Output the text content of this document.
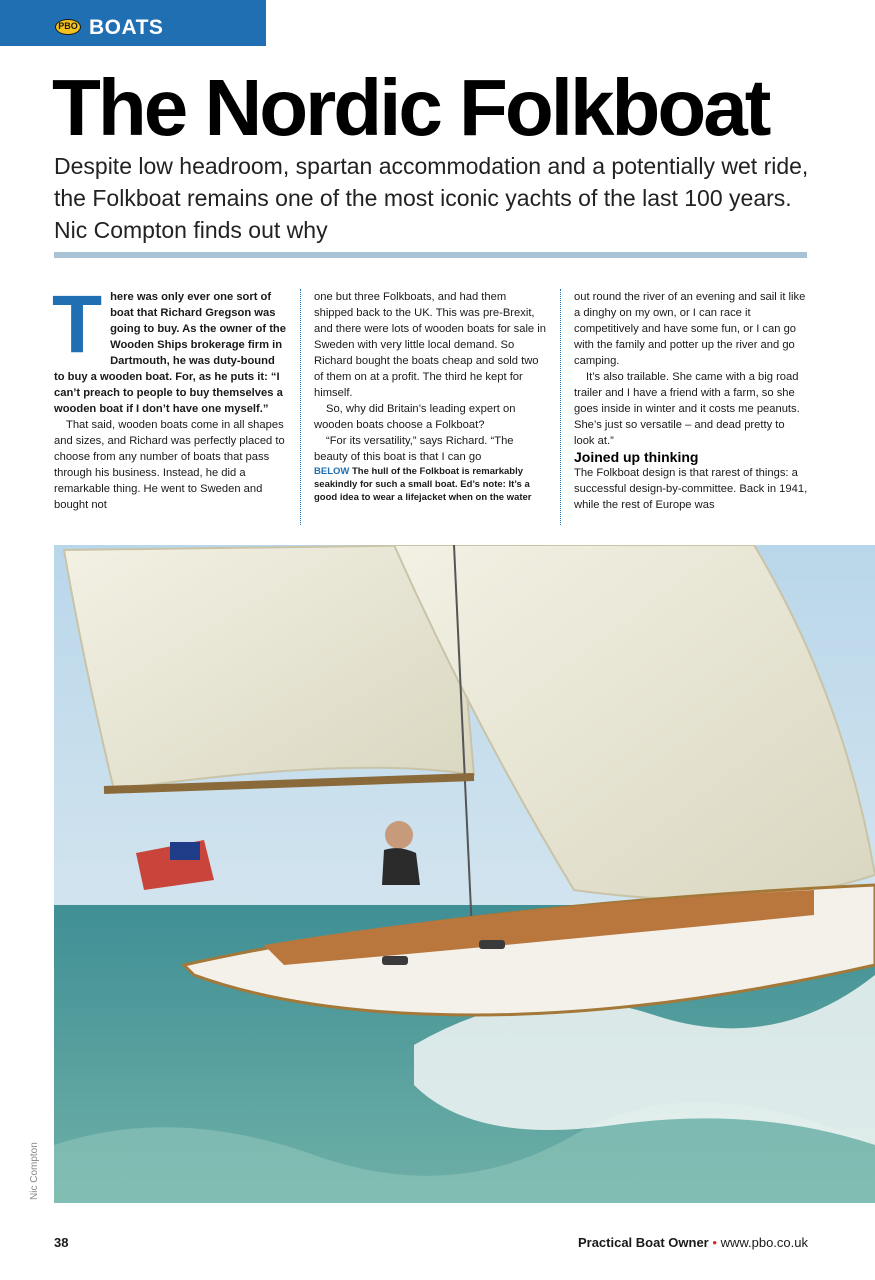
PBO BOATS
The Nordic Folkboat
Despite low headroom, spartan accommodation and a potentially wet ride, the Folkboat remains one of the most iconic yachts of the last 100 years. Nic Compton finds out why

There was only ever one sort of boat that Richard Gregson was going to buy. As the owner of the Wooden Ships brokerage firm in Dartmouth, he was duty-bound to buy a wooden boat. For, as he puts it: “I can’t preach to people to buy themselves a wooden boat if I don’t have one myself.”

That said, wooden boats come in all shapes and sizes, and Richard was perfectly placed to choose from any number of boats that pass through his business. Instead, he did a remarkable thing. He went to Sweden and bought not

one but three Folkboats, and had them shipped back to the UK. This was pre-Brexit, and there were lots of wooden boats for sale in Sweden with very little local demand. So Richard bought the boats cheap and sold two of them on at a profit. The third he kept for himself.

So, why did Britain’s leading expert on wooden boats choose a Folkboat?

“For its versatility,” says Richard. “The beauty of this boat is that I can go

BELOW The hull of the Folkboat is remarkably seakindly for such a small boat. Ed’s note: It’s a good idea to wear a lifejacket when on the water

out round the river of an evening and sail it like a dinghy on my own, or I can race it competitively and have some fun, or I can go with the family and potter up the river and go camping.

It’s also trailable. She came with a big road trailer and I have a friend with a farm, so she goes inside in winter and it costs me peanuts. She’s just so versatile – and dead pretty to look at.”

Joined up thinking

The Folkboat design is that rarest of things: a successful design-by-committee. Back in 1941, while the rest of Europe was

Nic Compton
38	Practical Boat Owner • www.pbo.co.uk
